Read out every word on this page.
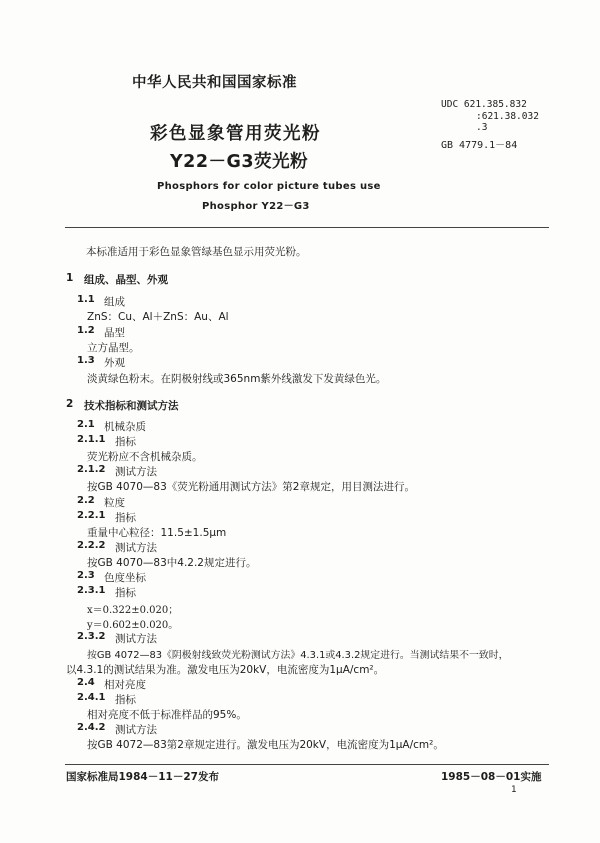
中华人民共和国国家标准
UDC 621.385.832
:621.38.032
.3
GB 4779.1－84
彩色显象管用荧光粉
Y22－G3荧光粉
Phosphors for color picture tubes use
Phosphor Y22－G3
本标准适用于彩色显象管绿基色显示用荧光粉。
1 组成、晶型、外观
1.1 组成
ZnS：Cu、Al＋ZnS：Au、Al
1.2 晶型
立方晶型。
1.3 外观
淡黄绿色粉末。在阴极射线或365nm紫外线激发下发黄绿色光。
2 技术指标和测试方法
2.1 机械杂质
2.1.1 指标
荧光粉应不含机械杂质。
2.1.2 测试方法
按GB 4070—83《荧光粉通用测试方法》第2章规定，用目测法进行。
2.2 粒度
2.2.1 指标
重量中心粒径：11.5±1.5μm
2.2.2 测试方法
按GB 4070—83中4.2.2规定进行。
2.3 色度坐标
2.3.1 指标
x＝0.322±0.020；
y＝0.602±0.020。
2.3.2 测试方法
按GB 4072—83《阴极射线致荧光粉测试方法》4.3.1或4.3.2规定进行。当测试结果不一致时，
以4.3.1的测试结果为准。激发电压为20kV，电流密度为1μA/cm²。
2.4 相对亮度
2.4.1 指标
相对亮度不低于标准样品的95%。
2.4.2 测试方法
按GB 4072—83第2章规定进行。激发电压为20kV，电流密度为1μA/cm²。
国家标准局1984－11－27发布	1985－08－01实施
1
